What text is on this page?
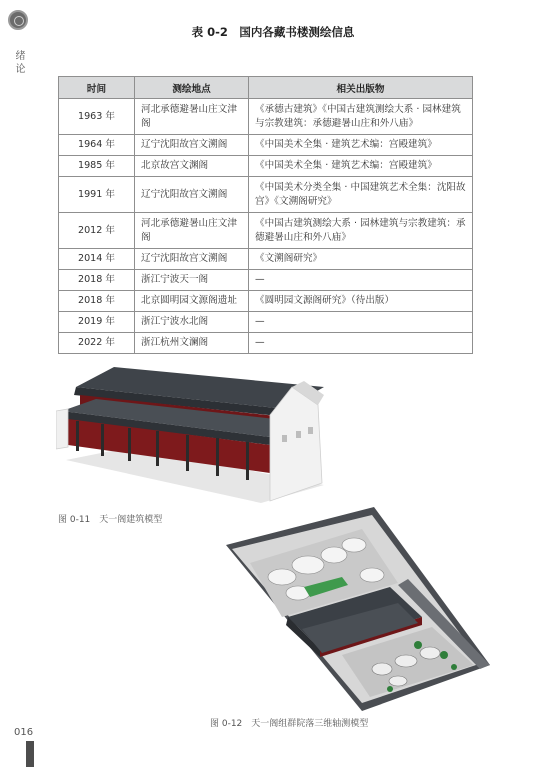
绪论
表 0-2　国内各藏书楼测绘信息
时间	测绘地点	相关出版物
1963 年	河北承德避暑山庄文津阁	《承德古建筑》《中国古建筑测绘大系 · 园林建筑与宗教建筑：承德避暑山庄和外八庙》
1964 年	辽宁沈阳故宫文溯阁	《中国美术全集 · 建筑艺术编：宫殿建筑》
1985 年	北京故宫文渊阁	《中国美术全集 · 建筑艺术编：宫殿建筑》
1991 年	辽宁沈阳故宫文溯阁	《中国美术分类全集 · 中国建筑艺术全集：沈阳故宫》《文溯阁研究》
2012 年	河北承德避暑山庄文津阁	《中国古建筑测绘大系 · 园林建筑与宗教建筑：承德避暑山庄和外八庙》
2014 年	辽宁沈阳故宫文溯阁	《文溯阁研究》
2018 年	浙江宁波天一阁	—
2018 年	北京圆明园文源阁遗址	《圆明园文源阁研究》（待出版）
2019 年	浙江宁波水北阁	—
2022 年	浙江杭州文澜阁	—
图 0-11　天一阁建筑模型
图 0-12　天一阁组群院落三维轴测模型
016
